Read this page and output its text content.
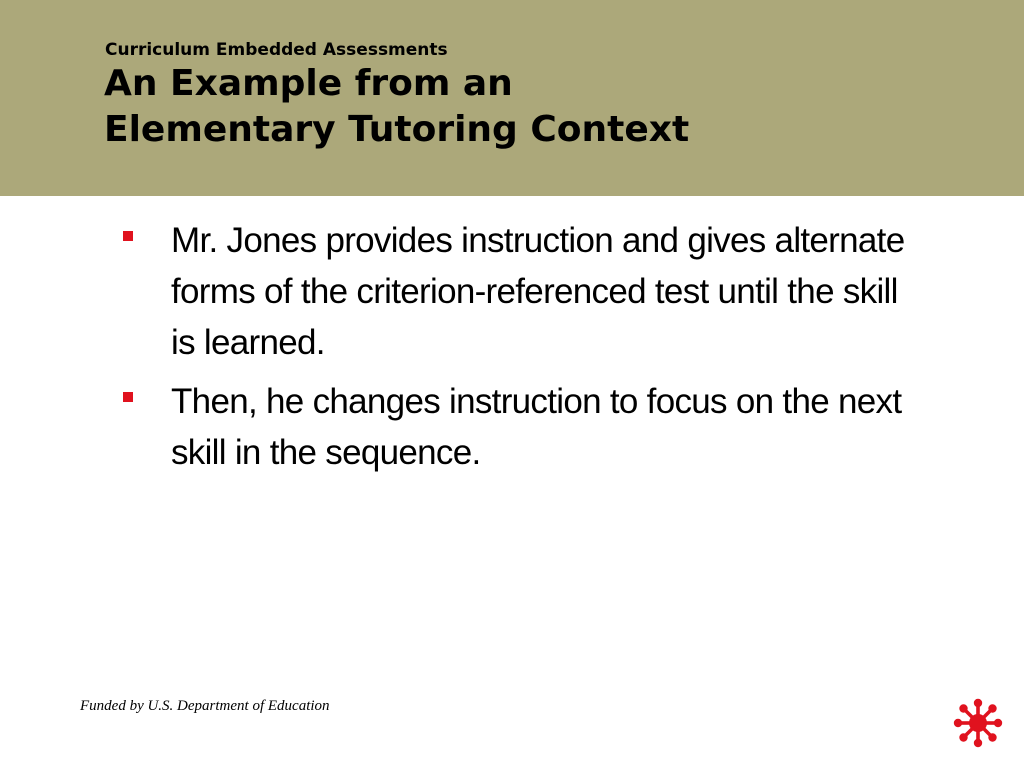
Curriculum Embedded Assessments
An Example from an
Elementary Tutoring Context
Mr. Jones provides instruction and gives alternate forms of the criterion-referenced test until the skill is learned.
Then, he changes instruction to focus on the next skill in the sequence.
Funded by U.S. Department of Education
